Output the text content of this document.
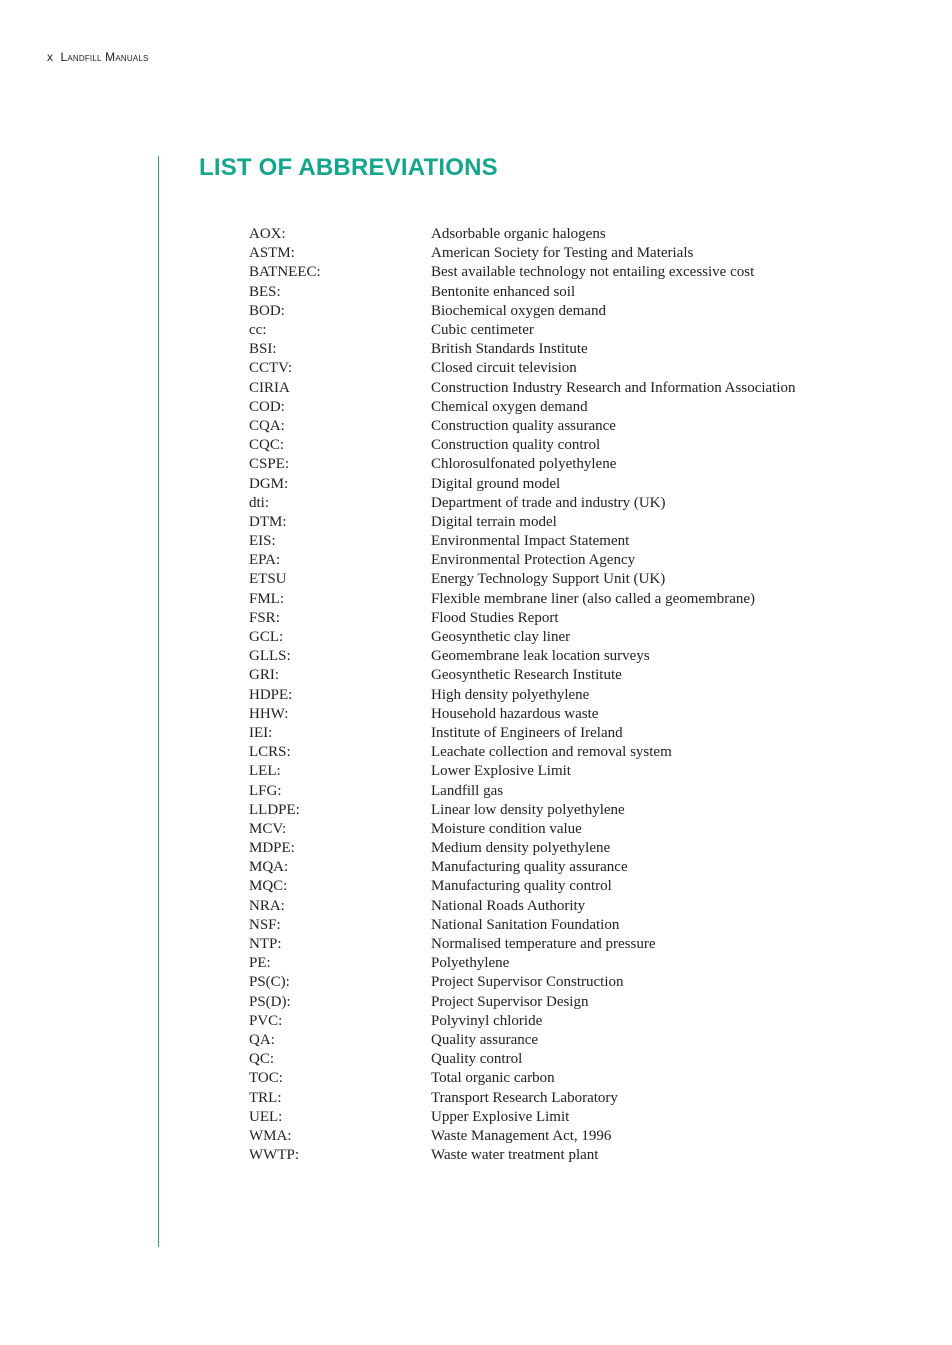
x Landfill Manuals
LIST OF ABBREVIATIONS
AOX:	Adsorbable organic halogens
ASTM:	American Society for Testing and Materials
BATNEEC:	Best available technology not entailing excessive cost
BES:	Bentonite enhanced soil
BOD:	Biochemical oxygen demand
cc:	Cubic centimeter
BSI:	British Standards Institute
CCTV:	Closed circuit television
CIRIA	Construction Industry Research and Information Association
COD:	Chemical oxygen demand
CQA:	Construction quality assurance
CQC:	Construction quality control
CSPE:	Chlorosulfonated polyethylene
DGM:	Digital ground model
dti:	Department of trade and industry (UK)
DTM:	Digital terrain model
EIS:	Environmental Impact Statement
EPA:	Environmental Protection Agency
ETSU	Energy Technology Support Unit (UK)
FML:	Flexible membrane liner (also called a geomembrane)
FSR:	Flood Studies Report
GCL:	Geosynthetic clay liner
GLLS:	Geomembrane leak location surveys
GRI:	Geosynthetic Research Institute
HDPE:	High density polyethylene
HHW:	Household hazardous waste
IEI:	Institute of Engineers of Ireland
LCRS:	Leachate collection and removal system
LEL:	Lower Explosive Limit
LFG:	Landfill gas
LLDPE:	Linear low density polyethylene
MCV:	Moisture condition value
MDPE:	Medium density polyethylene
MQA:	Manufacturing quality assurance
MQC:	Manufacturing quality control
NRA:	National Roads Authority
NSF:	National Sanitation Foundation
NTP:	Normalised temperature and pressure
PE:	Polyethylene
PS(C):	Project Supervisor Construction
PS(D):	Project Supervisor Design
PVC:	Polyvinyl chloride
QA:	Quality assurance
QC:	Quality control
TOC:	Total organic carbon
TRL:	Transport Research Laboratory
UEL:	Upper Explosive Limit
WMA:	Waste Management Act, 1996
WWTP:	Waste water treatment plant
